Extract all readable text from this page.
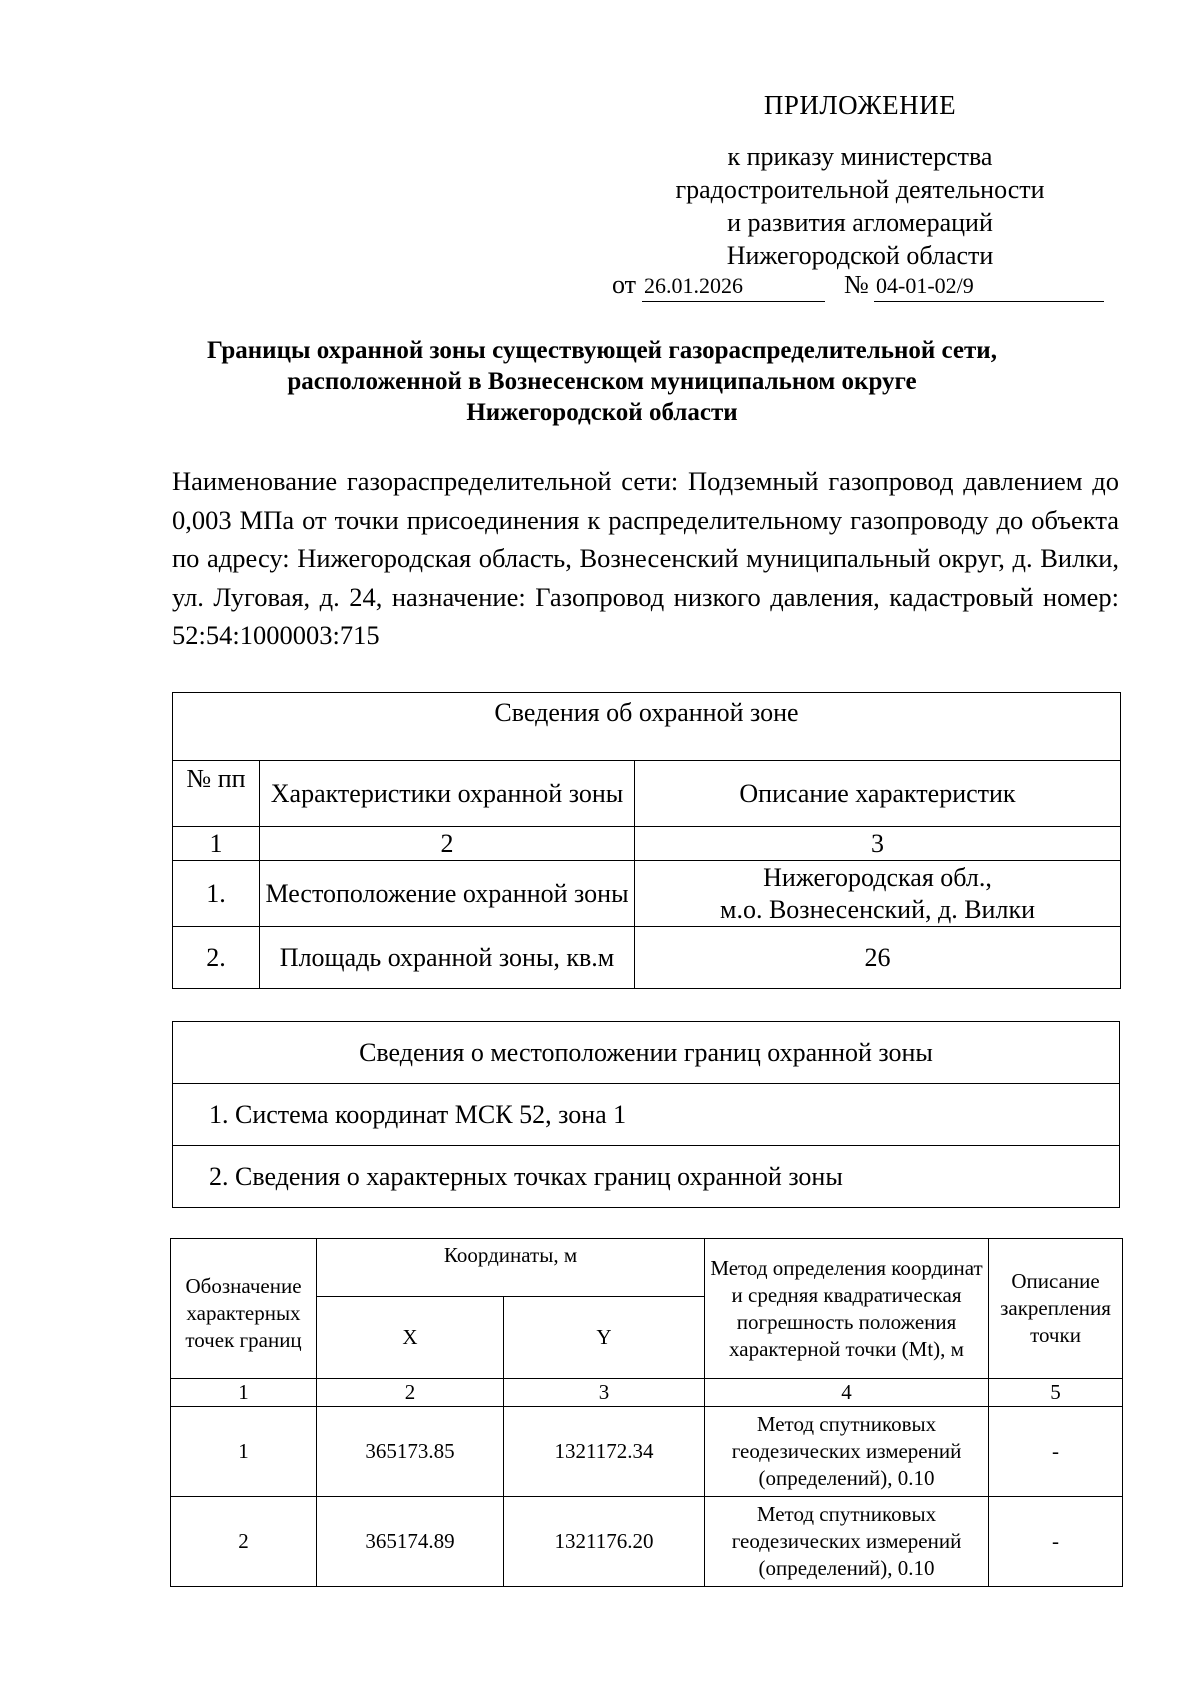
ПРИЛОЖЕНИЕ
к приказу министерства
градостроительной деятельности
и развития агломераций
Нижегородской области
от 26.01.2026	№ 04-01-02/9
Границы охранной зоны существующей газораспределительной сети,
расположенной в Вознесенском муниципальном округе
Нижегородской области
Наименование газораспределительной сети: Подземный газопровод давлением до 0,003 МПа от точки присоединения к распределительному газопроводу до объекта по адресу: Нижегородская область, Вознесенский муниципальный округ, д. Вилки, ул. Луговая, д. 24, назначение: Газопровод низкого давления, кадастровый номер: 52:54:1000003:715
Сведения об охранной зоне		
№ пп	Характеристики охранной зоны	Описание характеристик
1	2	3
1.	Местоположение охранной зоны	Нижегородская обл.,
м.о. Вознесенский, д. Вилки

2.	Площадь охранной зоны, кв.м	26
Сведения о местоположении границ охранной зоны
1. Система координат МСК 52, зона 1
2. Сведения о характерных точках границ охранной зоны
Обозначение характерных точек границ	Координаты, м		Метод определения координат и средняя квадратическая погрешность положения характерной точки (Mt), м	Описание закрепления точки
	X	Y		
1	2	3	4	5
1	365173.85	1321172.34	Метод спутниковых геодезических измерений (определений), 0.10	-
2	365174.89	1321176.20	Метод спутниковых геодезических измерений (определений), 0.10	-
